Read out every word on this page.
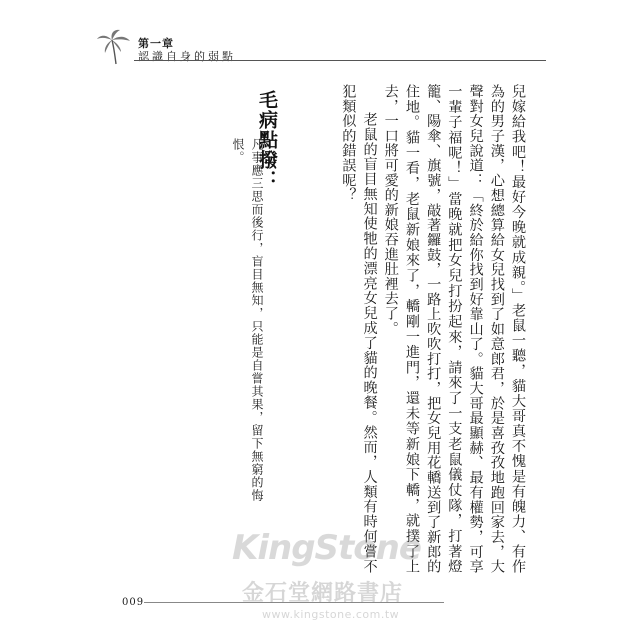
第一章
認識自身的弱點

兒嫁給我吧！最好今晚就成親。」老鼠一聽，貓大哥真不愧是有魄力、有作為的男子漢，心想總算給女兒找到了如意郎君，於是喜孜孜地跑回家去，大聲對女兒說道：「終於給你找到好靠山了。貓大哥最顯赫、最有權勢，可享一輩子福呢！」當晚就把女兒打扮起來，請來了一支老鼠儀仗隊，打著燈籠、陽傘、旗號，敲著鑼鼓，一路上吹吹打打，把女兒用花轎送到了新郎的住地。貓一看，老鼠新娘來了，轎剛一進門，還未等新娘下轎，就撲了上去，一口將可愛的新娘吞進肚裡去了。

老鼠的盲目無知使牠的漂亮女兒成了貓的晚餐。然而，人類有時何嘗不犯類似的錯誤呢？

毛病點撥：

凡事應三思而後行，盲目無知，只能是自嘗其果，留下無窮的悔恨。

009
KingStone
金石堂網路書店
www.kingstone.com.tw
